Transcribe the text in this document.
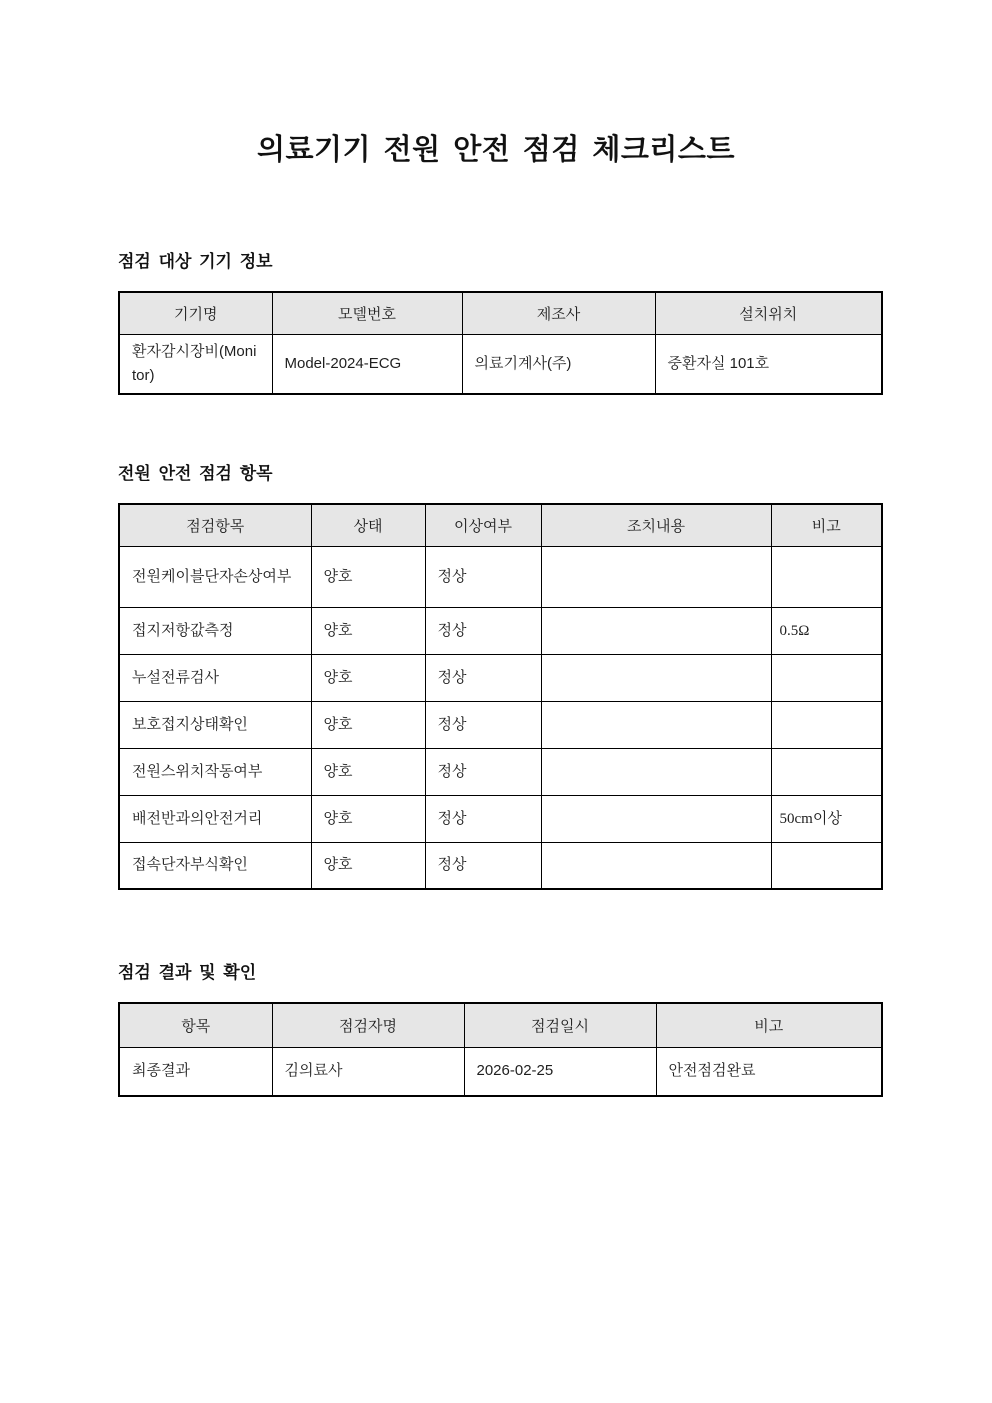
의료기기 전원 안전 점검 체크리스트
점검 대상 기기 정보
기기명	모델번호	제조사	설치위치
환자감시장비(Monitor)	Model-2024-ECG	의료기계사(주)	중환자실 101호
전원 안전 점검 항목
점검항목	상태	이상여부	조치내용	비고
전원케이블단자손상여부	양호	정상		
접지저항값측정	양호	정상		0.5Ω
누설전류검사	양호	정상		
보호접지상태확인	양호	정상		
전원스위치작동여부	양호	정상		
배전반과의안전거리	양호	정상		50cm이상
접속단자부식확인	양호	정상		
점검 결과 및 확인
항목	점검자명	점검일시	비고
최종결과	김의료사	2026-02-25	안전점검완료
